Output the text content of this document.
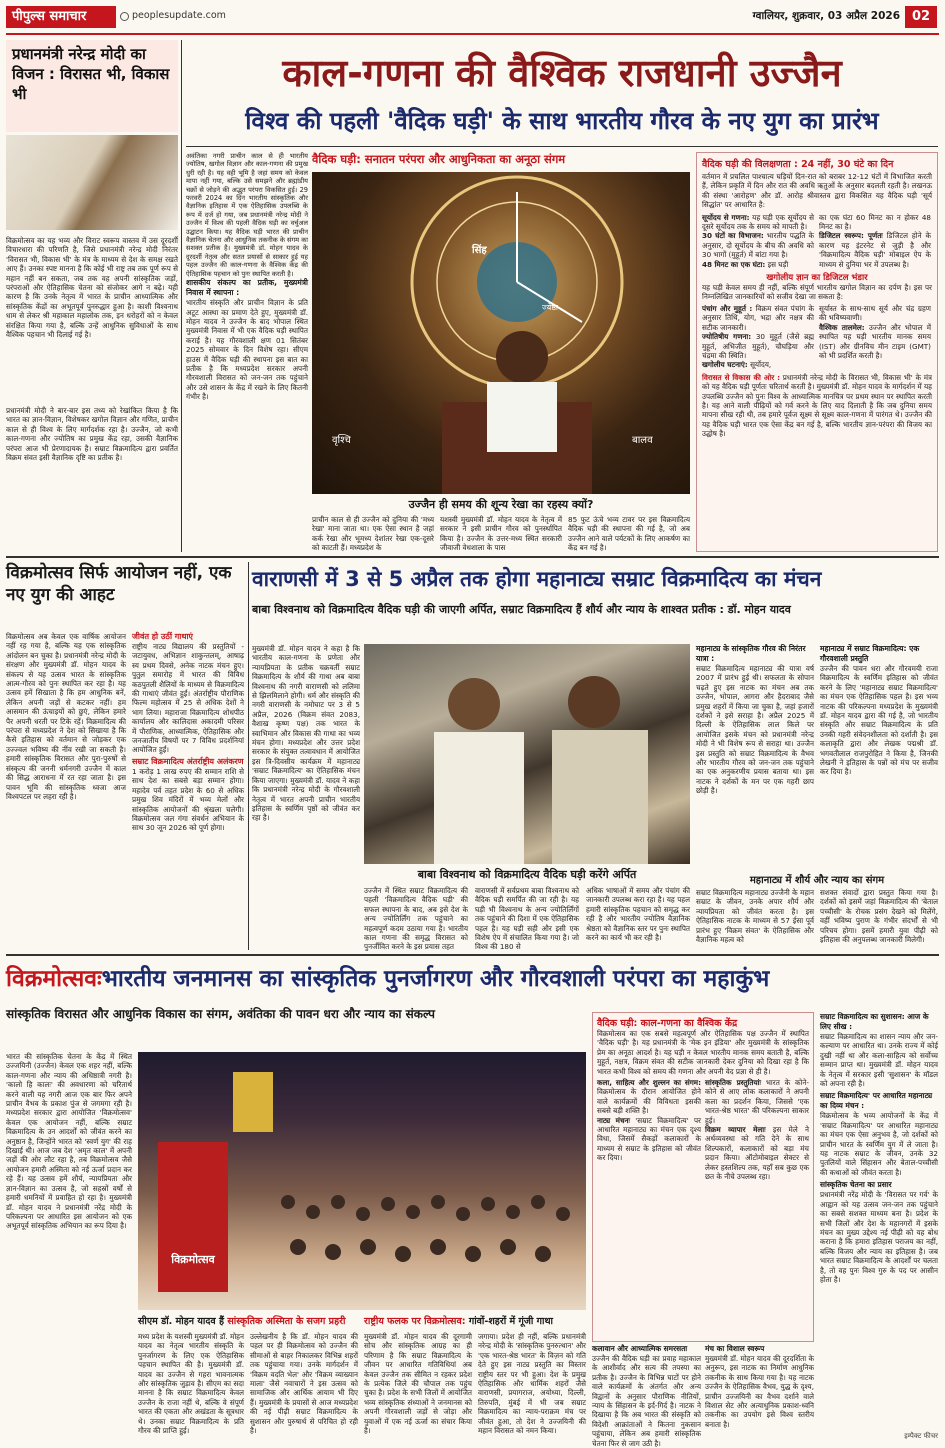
पीपुल्स समाचार	peoplesupdate.com	ग्वालियर, शुक्रवार, 03 अप्रैल 2026 02
प्रधानमंत्री नरेन्द्र मोदी का विजन : विरासत भी, विकास भी
विक्रमोत्सव का यह भव्य और विराट स्वरूप वास्तव में उस दूरदर्शी विचारधारा की परिणति है, जिसे प्रधानमंत्री नरेन्द्र मोदी निरंतर 'विरासत भी, विकास भी' के मंत्र के माध्यम से देश के समक्ष रखते आए हैं। उनका स्पष्ट मानना है कि कोई भी राष्ट्र तब तक पूर्ण रूप से महान नहीं बन सकता, जब तक वह अपनी सांस्कृतिक जड़ों, परंपराओं और ऐतिहासिक चेतना को संजोकर आगे न बढ़े। यही कारण है कि उनके नेतृत्व में भारत के प्राचीन आध्यात्मिक और सांस्कृतिक केंद्रों का अभूतपूर्व पुनरुद्धार हुआ है। काशी विश्वनाथ धाम से लेकर श्री महाकाल महालोक तक, इन धरोहरों को न केवल संरक्षित किया गया है, बल्कि उन्हें आधुनिक सुविधाओं के साथ वैश्विक पहचान भी दिलाई गई है।
प्रधानमंत्री मोदी ने बार-बार इस तथ्य को रेखांकित किया है कि भारत का ज्ञान-विज्ञान, विशेषकर खगोल विज्ञान और गणित, प्राचीन काल से ही विश्व के लिए मार्गदर्शक रहा है। उज्जैन, जो कभी काल-गणना और ज्योतिष का प्रमुख केंद्र रहा, उसकी वैज्ञानिक परंपरा आज भी प्रेरणादायक है। सम्राट विक्रमादित्य द्वारा प्रवर्तित विक्रम संवत इसी वैज्ञानिक दृष्टि का प्रतीक है।
काल-गणना की वैश्विक राजधानी उज्जैन
विश्व की पहली 'वैदिक घड़ी' के साथ भारतीय गौरव के नए युग का प्रारंभ
अवंतिका नगरी प्राचीन काल से ही भारतीय ज्योतिष, खगोल विज्ञान और काल-गणना की प्रमुख धुरी रही है। यह वही भूमि है जहां समय को केवल मापा नहीं गया, बल्कि उसे समझने और ब्रह्मांडीय चक्रों से जोड़ने की अद्भुत परंपरा विकसित हुई। 29 फरवरी 2024 का दिन भारतीय सांस्कृतिक और वैज्ञानिक इतिहास में एक ऐतिहासिक उपलब्धि के रूप में दर्ज हो गया, जब प्रधानमंत्री नरेन्द्र मोदी ने उज्जैन में विश्व की पहली वैदिक घड़ी का वर्चुअल उद्घाटन किया। यह वैदिक घड़ी भारत की प्राचीन वैज्ञानिक चेतना और आधुनिक तकनीक के संगम का सशक्त प्रतीक है। मुख्यमंत्री डॉ. मोहन यादव के दूरदर्शी नेतृत्व और सतत प्रयासों से साकार हुई यह पहल उज्जैन की काल-गणना के वैश्विक केंद्र की ऐतिहासिक पहचान को पुनः स्थापित करती है।
शासकीय संकल्प का प्रतीक, मुख्यमंत्री निवास में स्थापना :
भारतीय संस्कृति और प्राचीन विज्ञान के प्रति अटूट आस्था का प्रमाण देते हुए, मुख्यमंत्री डॉ. मोहन यादव ने उज्जैन के बाद भोपाल स्थित मुख्यमंत्री निवास में भी एक वैदिक घड़ी स्थापित कराई है। यह गौरवशाली क्षण 01 सितंबर 2025 सोमवार के दिन विशेष रहा। सीएम हाउस में वैदिक घड़ी की स्थापना इस बात का प्रतीक है कि मध्यप्रदेश सरकार अपनी गौरवशाली विरासत को जन-जन तक पहुंचाने और उसे शासन के केंद्र में रखने के लिए कितनी गंभीर है।
वैदिक घड़ी: सनातन परंपरा और आधुनिकता का अनूठा संगम
सिंह
ज्येष्ठा
वृश्चि	बालव
उज्जैन ही समय की शून्य रेखा का रहस्य क्यों?
प्राचीन काल से ही उज्जैन को दुनिया की 'मध्य रेखा' माना जाता था। एक ऐसा स्थान है जहां कर्क रेखा और भूमध्य देशांतर रेखा एक-दूसरे को काटती हैं। मध्यप्रदेश के
यशस्वी मुख्यमंत्री डॉ. मोहन यादव के नेतृत्व में सरकार ने इसी प्राचीन गौरव को पुनर्स्थापित किया है। उज्जैन के उत्तर-मध्य स्थित सरकारी जीवाजी वेधशाला के पास
85 फुट ऊंचे भव्य टावर पर इस विक्रमादित्य वैदिक घड़ी की स्थापना की गई है, जो अब उज्जैन आने वाले पर्यटकों के लिए आकर्षण का केंद्र बन गई है।
वैदिक घड़ी की विलक्षणता : 24 नहीं, 30 घंटे का दिन
वर्तमान में प्रचलित पाश्चात्य घड़ियों दिन-रात को बराबर 12-12 घंटों में विभाजित करती हैं, लेकिन प्रकृति में दिन और रात की अवधि ऋतुओं के अनुसार बदलती रहती है। लखनऊ की संस्था 'आरोहण' और डॉ. आरोह श्रीवास्तव द्वारा विकसित यह वैदिक घड़ी 'सूर्य सिद्धांत' पर आधारित है:
सूर्योदय से गणना: यह घड़ी एक सूर्योदय से दूसरे सूर्योदय तक के समय को मापती है।
30 घंटों का विभाजन: भारतीय पद्धति के अनुसार, दो सूर्योदय के बीच की अवधि को 30 भागों (मुहूर्त) में बांटा गया है।
48 मिनट का एक घंटा: इस घड़ी
का एक घंटा 60 मिनट का न होकर 48 मिनट का है।
डिजिटल स्वरूप: पूर्णतः डिजिटल होने के कारण यह इंटरनेट से जुड़ी है और 'विक्रमादित्य वैदिक घड़ी' मोबाइल ऐप के माध्यम से दुनिया भर में उपलब्ध है।
खगोलीय ज्ञान का डिजिटल भंडार
यह घड़ी केवल समय ही नहीं, बल्कि संपूर्ण भारतीय खगोल विज्ञान का दर्पण है। इस पर निम्नलिखित जानकारियों को सजीव देखा जा सकता है:
पंचांग और मुहूर्त : विक्रम संवत पंचांग के अनुसार तिथि, योग, भद्रा और नक्षत्र की सटीक जानकारी।
ज्योतिषीय गणना: 30 मुहूर्त (जैसे ब्रह्म मुहूर्त, अभिजीत मुहूर्त), चौघड़िया और चंद्रमा की स्थिति।
खगोलीय घटनाएं: सूर्योदय,
सूर्यास्त के साथ-साथ सूर्य और चंद्र ग्रहण की भविष्यवाणी।
वैश्विक तालमेल: उज्जैन और भोपाल में स्थापित यह घड़ी भारतीय मानक समय (IST) और ग्रीनविच मीन टाइम (GMT) को भी प्रदर्शित करती है।
विरासत से विकास की ओर : प्रधानमंत्री नरेन्द्र मोदी के विरासत भी, विकास भी' के मंत्र को यह वैदिक घड़ी पूर्णतः चरितार्थ करती है। मुख्यमंत्री डॉ. मोहन यादव के मार्गदर्शन में यह उपलब्धि उज्जैन को पुनः विश्व के आध्यात्मिक मानचित्र पर प्रथम स्थान पर स्थापित करती है। यह आने वाली पीढ़ियों को गर्व करने के लिए याद दिलाती है कि जब दुनिया समय मापना सीख रही थी, तब हमारे पूर्वज सूक्ष्म से सूक्ष्म काल-गणना में पारंगत थे। उज्जैन की यह वैदिक घड़ी भारत एक ऐसा केंद्र बन गई है, बल्कि भारतीय ज्ञान-परंपरा की विजय का उद्घोष है।
विक्रमोत्सव सिर्फ आयोजन नहीं, एक नए युग की आहट
विक्रमोत्सव अब केवल एक वार्षिक आयोजन नहीं रह गया है, बल्कि यह एक सांस्कृतिक आंदोलन बन चुका है। प्रधानमंत्री नरेन्द्र मोदी के संरक्षण और मुख्यमंत्री डॉ. मोहन यादव के संकल्प से यह उत्सव भारत के सांस्कृतिक आत्म-गौरव को पुनः स्थापित कर रहा है। यह उत्सव हमें सिखाता है कि हम आधुनिक बनें, लेकिन अपनी जड़ों से कटकर नहीं। हम आसमान की ऊंचाइयों को छुएं, लेकिन हमारे पैर अपनी धरती पर टिके रहें। विक्रमादित्य की परंपरा से मध्यप्रदेश ने देश को सिखाया है कि कैसे इतिहास को वर्तमान से जोड़कर एक उज्ज्वल भविष्य की नींव रखी जा सकती है। हमारी सांस्कृतिक विरासत और पुरा-पुरुषों से संस्कृत्य की जननी धर्मनगरी उज्जैन में काल की सिद्ध आराधना में रत रहा जाता है। इस पावन भूमि की सांस्कृतिक ध्वजा आज विश्वपटल पर लहरा रही है।
जीवंत हो उठीं गाथाएं
राष्ट्रीय नाट्य विद्यालय की प्रस्तुतियों - जटायुवध, अभिज्ञान शाकुन्तलम्, आषाढ़ स्य प्रथम दिवसे, अनेक नाटक मंचन हुए। पुतुल समारोह में भारत की विविध कठपुतली शैलियों के माध्यम से विक्रमादित्य की गाथाएं जीवंत हुईं। अंतर्राष्ट्रीय पौराणिक फिल्म महोत्सव में 25 से अधिक देशों ने भाग लिया। महाराजा विक्रमादित्य शोधपीठ कार्यालय और कालिदास अकादमी परिसर में पौराणिक, आध्यात्मिक, ऐतिहासिक और जनजातीय विषयों पर 7 विविध प्रदर्शनियां आयोजित हुईं।
सम्राट विक्रमादित्य अंतर्राष्ट्रीय अलंकरण
1 करोड़ 1 लाख रुपए की सम्मान राशि से साथ देश का सबसे बड़ा सम्मान होगा। महादेव पर्व तहत प्रदेश के 60 से अधिक प्रमुख शिव मंदिरों में भव्य मेलों और सांस्कृतिक आयोजनों की श्रृंखला चलेगी। विक्रमोत्सव जल गंगा संवर्धन अभियान के साथ 30 जून 2026 को पूर्ण होगा।
वाराणसी में 3 से 5 अप्रैल तक होगा महानाट्य सम्राट विक्रमादित्य का मंचन
बाबा विश्वनाथ को विक्रमादित्य वैदिक घड़ी की जाएगी अर्पित, सम्राट विक्रमादित्य हैं शौर्य और न्याय के शाश्वत प्रतीक : डॉ. मोहन यादव
मुख्यमंत्री डॉ. मोहन यादव ने कहा है कि भारतीय काल-गणना के प्रणेता और न्यायप्रियता के प्रतीक चक्रवर्ती सम्राट विक्रमादित्य के शौर्य की गाथा अब बाबा विश्वनाथ की नगरी वाराणसी को ललिमा से झिलमिलाने होगी। धर्म और संस्कृति की नगरी वाराणसी के नमोघाट पर 3 से 5 अप्रैल, 2026 (विक्रम संवत 2083, वैशाख कृष्ण पक्ष) तक भारत के स्वाभिमान और विकास की गाथा का भव्य मंचन होगा। मध्यप्रदेश और उत्तर प्रदेश सरकार के संयुक्त तत्वावधान में आयोजित इस त्रि-दिवसीय कार्यक्रम में महानाट्य 'सम्राट विक्रमादित्य' का ऐतिहासिक मंचन किया जाएगा। मुख्यमंत्री डॉ. यादव ने कहा कि प्रधानमंत्री नरेन्द्र मोदी के गौरवशाली नेतृत्व में भारत अपनी प्राचीन भारतीय इतिहास के स्वर्णिम पृष्ठों को जीवंत कर रहा है।
बाबा विश्वनाथ को विक्रमादित्य वैदिक घड़ी करेंगे अर्पित
उज्जैन में स्थित सम्राट विक्रमादित्य की पहली 'विक्रमादित्य वैदिक घड़ी' की सफल स्थापना के बाद, अब इसे देश के अन्य ज्योतिर्लिंग तक पहुंचाने का महत्वपूर्ण कदम उठाया गया है। भारतीय काल गणना की समृद्ध विरासत को पुनर्जीवित करने के इस प्रयास तहत
वाराणसी में सर्वप्रथम बाबा विश्वनाथ को वैदिक घड़ी समर्पित की जा रही है। यह घड़ी भी विश्वनाथ के अन्य ज्योतिर्लिंगों तक पहुंचाने की दिशा में एक ऐतिहासिक पहल है। यह घड़ी सही और इसी एक विशेष ऐप में संचालित किया गया है। जो विश्व की 180 से
अधिक भाषाओं में समय और पंचांग की जानकारी उपलब्ध करा रहा है। यह पहल हमारी सांस्कृतिक पहचान को समृद्ध कर रही है और भारतीय ज्योतिष वैज्ञानिक श्रेष्ठता को वैज्ञानिक स्तर पर पुनः स्थापित करने का कार्य भी कर रही है।
महानाट्य के सांस्कृतिक गौरव की निरंतर यात्रा :
सम्राट विक्रमादित्य महानाट्य की यात्रा वर्ष 2007 में प्रारंभ हुई थी। सफलता के सोपान चढ़ते हुए इस नाटक का मंचन अब तक उज्जैन, भोपाल, आगरा और हैदराबाद जैसे प्रमुख शहरों में किया जा चुका है, जहां हजारों दर्शकों ने इसे सराहा है। अप्रैल 2025 में दिल्ली के ऐतिहासिक लाल किले पर आयोजित इसके मंचन को प्रधानमंत्री नरेन्द्र मोदी ने भी विशेष रूप से सराहा था। उज्जैन इस प्रस्तुति को सम्राट विक्रमादित्य के वैभव और भारतीय गौरव को जन-जन तक पहुंचाने का एक अनुकरणीय प्रयास बताया था। इस नाटक ने दर्शकों के मन पर एक गहरी छाप छोड़ी है।
महानाट्य में सम्राट विक्रमादित्य: एक गौरवशाली प्रस्तुति
उज्जैन की पावन धरा और गौरवमयी राजा विक्रमादित्य के स्वर्णिम इतिहास को जीवंत करने के लिए 'महानाट्य सम्राट विक्रमादित्य' का मंचन एक ऐतिहासिक पहल है। इस भव्य नाटक की परिकल्पना मध्यप्रदेश के मुख्यमंत्री डॉ. मोहन यादव द्वारा की गई है, जो भारतीय संस्कृति और सम्राट विक्रमादित्य के प्रति उनकी गहरी संवेदनशीलता को दर्शाती है। इस कलाकृति द्वारा और लेखक पद्मश्री डॉ. भगवतीलाल राजपुरोहित ने किया है, जिनकी लेखनी ने इतिहास के पन्नों को मंच पर सजीव कर दिया है।
महानाट्य में शौर्य और न्याय का संगम
सम्राट विक्रमादित्य महानाट्य उज्जैनी के महान सम्राट के जीवन, उनके अपार शौर्य और न्यायप्रियता को जीवंत करता है। इस ऐतिहासिक नाटक के माध्यम से 57 ईसा पूर्व प्रारंभ हुए 'विक्रम संवत' के ऐतिहासिक और वैज्ञानिक महत्व को
सशक्त संवादों द्वारा प्रस्तुत किया गया है। दर्शकों को इसमें जहां विक्रमादित्य की 'बेताल पच्चीसी' के रोचक प्रसंग देखने को मिलेंगे, वहीं भविष्य पुराण के गंभीर संदर्भों से भी परिचय होगा। इसमें हमारी युवा पीढ़ी को इतिहास की अनुपलब्ध जानकारी मिलेगी।
विक्रमोत्सवःभारतीय जनमानस का सांस्कृतिक पुनर्जागरण और गौरवशाली परंपरा का महाकुंभ
सांस्कृतिक विरासत और आधुनिक विकास का संगम, अवंतिका की पावन धरा और न्याय का संकल्प
भारत की सांस्कृतिक चेतना के केंद्र में स्थित उज्जयिनी (उज्जैन) केवल एक शहर नहीं, बल्कि काल-गणना और न्याय की अधिष्ठात्री नगरी है। 'कालो हि कालः' की अवधारणा को चरितार्थ करने वाली यह नगरी आज एक बार फिर अपने प्राचीन वैभव के प्रकाश पुंज से जगमगा रही है। मध्यप्रदेश सरकार द्वारा आयोजित 'विक्रमोत्सव' केवल एक आयोजन नहीं, बल्कि सम्राट विक्रमादित्य के उन आदर्शों को जीवंत करने का अनुष्ठान है, जिन्होंने भारत को 'स्वर्ण युग' की राह दिखाई थी। आज जब देश 'अमृत काल' में अपनी जड़ों की ओर लौट रहा है, तब विक्रमोत्सव जैसे आयोजन हमारी अस्मिता को नई ऊर्जा प्रदान कर रहे हैं। यह उत्सव हमें शौर्य, न्यायप्रियता और ज्ञान-विज्ञान का उत्सव है, जो सहस्रों वर्षों से हमारी धमनियों में प्रवाहित हो रहा है। मुख्यमंत्री डॉ. मोहन यादव ने प्रधानमंत्री नरेंद्र मोदी के परिकल्पना पर आधारित इस आयोजन को एक अभूतपूर्व सांस्कृतिक अभियान का रूप दिया है।
विक्रमोत्सव
सीएम डॉ. मोहन यादव हैं सांस्कृतिक अस्मिता के सजग प्रहरी	राष्ट्रीय फलक पर विक्रमोत्सव: गांवों-शहरों में गूंजी गाथा
मध्य प्रदेश के यशस्वी मुख्यमंत्री डॉ. मोहन यादव का नेतृत्व भारतीय संस्कृति के पुनर्जागरण के लिए एक ऐतिहासिक पहचान स्थापित की है। मुख्यमंत्री डॉ. यादव का उज्जैन से गहरा भावनात्मक और सांस्कृतिक जुड़ाव है। सीएम का सदा मानना है कि सम्राट विक्रमादित्य केवल उज्जैन के राजा नहीं थे, बल्कि वे संपूर्ण भारत की एकता और अखंडता के सूत्रधार थे। उनका सम्राट विक्रमादित्य के प्रति गौरव की प्राप्ति हुई।
उल्लेखनीय है कि डॉ. मोहन यादव की पहल पर ही विक्रमोत्सव को उज्जैन की सीमाओं से बाहर निकालकर विभिन्न शहरों तक पहुंचाया गया। उनके मार्गदर्शन में 'विक्रम वदति भेल' और 'विक्रम व्याख्यान माला' जैसे नवाचारों ने इस उत्सव को सामाजिक और आर्थिक आयाम भी दिए हैं। मुख्यमंत्री के प्रयासों से आज मध्यप्रदेश की नई पीढ़ी सम्राट विक्रमादित्य के सुशासन और पुरुषार्थ से परिचित हो रही है।
मुख्यमंत्री डॉ. मोहन यादव की दूरगामी सोच और सांस्कृतिक आग्रह का ही परिणाम है कि सम्राट विक्रमादित्य के जीवन पर आधारित गतिविधियां अब केवल उज्जैन तक सीमित न रहकर प्रदेश के प्रत्येक जिले की चौपाल तक पहुंच चुका है। प्रदेश के सभी जिलों में आयोजित भव्य सांस्कृतिक संध्याओं ने जनमानस को अपनी गौरवशाली जड़ों से जोड़ा और युवाओं में एक नई ऊर्जा का संचार किया है।
जगाया। प्रदेश ही नहीं, बल्कि प्रधानमंत्री नरेन्द्र मोदी के 'सांस्कृतिक पुनरुत्थान' और 'एक भारत-श्रेष्ठ भारत' के विज़न को गति देते हुए इस नाट्य प्रस्तुति का विस्तार राष्ट्रीय स्तर पर भी हुआ। देश के प्रमुख ऐतिहासिक और धार्मिक शहरों जैसे वाराणसी, प्रयागराज, अयोध्या, दिल्ली, तिरुपति, मुंबई में भी जब सम्राट विक्रमादित्य का न्याय-पराक्रम मंच पर जीवंत हुआ, तो देश ने उज्जयिनी की महान विरासत को नमन किया।
वैदिक घड़ी: काल-गणना का वैश्विक केंद्र
विक्रमोत्सव का एक सबसे महत्वपूर्ण और ऐतिहासिक पक्ष उज्जैन में स्थापित 'वैदिक घड़ी' है। यह प्रधानमंत्री के 'मेक इन इंडिया' और मुख्यमंत्री के सांस्कृतिक प्रेम का अनूठा आदर्श है। यह घड़ी न केवल भारतीय मानक समय बताती है, बल्कि मुहूर्त, नक्षत्र, विक्रम संवत की सटीक जानकारी देकर दुनिया को दिखा रहा है कि भारत कभी विश्व को समय की गणना और अपनी वेद प्रज्ञा से ही है।
कला, साहित्य और शुल्लन का संगम: विक्रमोत्सव के दौरान आयोजित होने वाले कार्यक्रमों की विविधता इसकी सबसे बड़ी शक्ति है।
नाट्य मंचनः 'सम्राट विक्रमादित्य' पर आधारित महानाट्य का मंचन एक दृश्य विधा, जिसमें सैकड़ों कलाकारों के माध्यम से सम्राट के इतिहास को जीवंत कर दिया।
सांस्कृतिक प्रस्तुतियांः भारत के कोने-कोने से आए लोक कलाकारों ने अपनी कला का प्रदर्शन किया, जिससे 'एक भारत-श्रेष्ठ भारत' की परिकल्पना साकार हुई।
विक्रम व्यापार मेलाः इस मेले ने अर्थव्यवस्था को गति देने के साथ शिल्पकारों, कलाकारों को बड़ा मंच प्रदान किया। ऑटोमोबाइल सेक्टर से लेकर हस्तशिल्प तक, यहाँ सब कुछ एक छत के नीचे उपलब्ध रहा।
कलावान और आध्यात्मिक समरसता
उज्जैन की वैदिक घड़ी का प्रवाह महाकाल के आशीर्वाद और सत्य की तपस्या का प्रतीक है। उज्जैन के विभिन्न घाटों पर होने वाले कार्यक्रमों के अंतर्गत और अन्य विद्वानों के अनुसार पौराणिक नीतियों, न्याय के सिंहासन के इर्द-गिर्द है। नाटक ने दिखाया है कि अब भारत की संस्कृति को विदेशी आक्रांताओं ने कितना नुकसान पहुंचाया, लेकिन अब हमारी सांस्कृतिक चेतना फिर से जाग उठी है।
मंच का विशाल स्वरूप
मुख्यमंत्री डॉ. मोहन यादव की दूरदर्शिता के अनुरूप, इस नाटक का निर्माण आधुनिक तकनीक के साथ किया गया है। यह नाटक उज्जैन के ऐतिहासिक वैभव, युद्ध के दृश्य, प्राचीन उज्जयिनी का वैभव दर्शाने वाले विशाल सेट और अत्याधुनिक प्रकाश-ध्वनि तकनीक का उपयोग इसे विश्व स्तरीय बनाता है।
सम्राट विक्रमादित्य का सुशासन: आज के लिए सीख :
सम्राट विक्रमादित्य का शासन न्याय और जन-कल्याण पर आधारित था। उनके राज्य में कोई दुखी नहीं था और कला-साहित्य को सर्वोच्च सम्मान प्राप्त था। मुख्यमंत्री डॉ. मोहन यादव के नेतृत्व में सरकार इसी 'सुशासन' के मॉडल को अपना रही है।
सम्राट विक्रमादित्य' पर आधारित महानाट्य का दिव्य मंचन :
विक्रमोत्सव के भव्य आयोजनों के केंद्र में 'सम्राट विक्रमादित्य' पर आधारित महानाट्य का मंचन एक ऐसा अनुभव है, जो दर्शकों को प्राचीन भारत के स्वर्णिम युग में ले जाता है। यह नाटक सम्राट के जीवन, उनके 32 पुतलियों वाले सिंहासन और बेताल-पच्चीसी की कथाओं को जीवंत करता है।
सांस्कृतिक चेतना का प्रसार
प्रधानमंत्री नरेंद्र मोदी के 'विरासत पर गर्व' के आह्वान को यह उत्सव जन-जन तक पहुंचाने का सबसे सशक्त माध्यम बना है। प्रदेश के सभी जिलों और देश के महानगरों में इसके मंचन का मुख्य उद्देश्य नई पीढ़ी को यह बोध कराना है कि हमारा इतिहास पराजय का नहीं, बल्कि विजय और न्याय का इतिहास है। जब भारत सम्राट विक्रमादित्य के आदर्शों पर चलता है, तो वह पुनः विश्व गुरु के पद पर आसीन होता है।
इम्पैक्ट फीचर
